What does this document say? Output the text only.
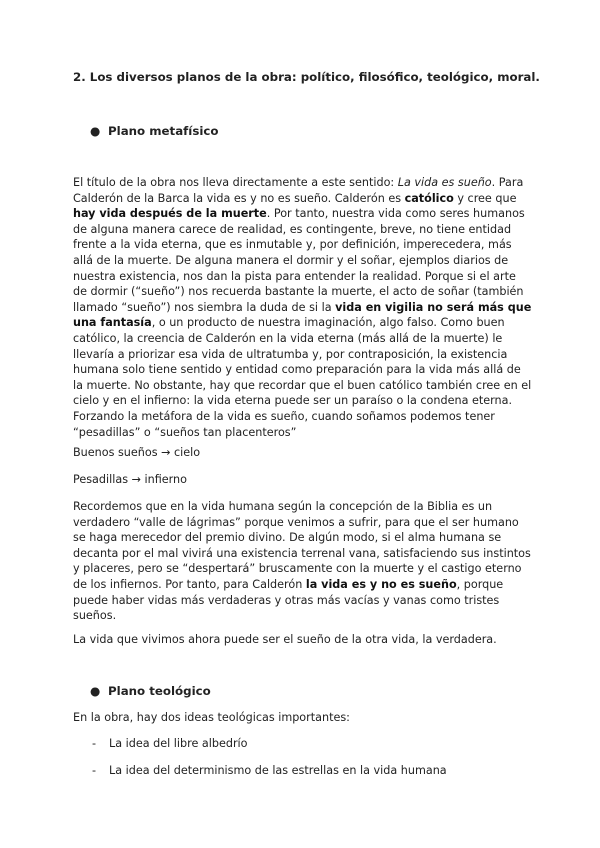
2. Los diversos planos de la obra: político, filosófico, teológico, moral.

● Plano metafísico

El título de la obra nos lleva directamente a este sentido: La vida es sueño. Para Calderón de la Barca la vida es y no es sueño. Calderón es católico y cree que hay vida después de la muerte. Por tanto, nuestra vida como seres humanos de alguna manera carece de realidad, es contingente, breve, no tiene entidad frente a la vida eterna, que es inmutable y, por definición, imperecedera, más allá de la muerte. De alguna manera el dormir y el soñar, ejemplos diarios de nuestra existencia, nos dan la pista para entender la realidad. Porque si el arte de dormir (“sueño”) nos recuerda bastante la muerte, el acto de soñar (también llamado “sueño”) nos siembra la duda de si la vida en vigilia no será más que una fantasía, o un producto de nuestra imaginación, algo falso. Como buen católico, la creencia de Calderón en la vida eterna (más allá de la muerte) le llevaría a priorizar esa vida de ultratumba y, por contraposición, la existencia humana solo tiene sentido y entidad como preparación para la vida más allá de la muerte. No obstante, hay que recordar que el buen católico también cree en el cielo y en el infierno: la vida eterna puede ser un paraíso o la condena eterna. Forzando la metáfora de la vida es sueño, cuando soñamos podemos tener “pesadillas” o “sueños tan placenteros”

Buenos sueños → cielo

Pesadillas → infierno

Recordemos que en la vida humana según la concepción de la Biblia es un verdadero “valle de lágrimas” porque venimos a sufrir, para que el ser humano se haga merecedor del premio divino. De algún modo, si el alma humana se decanta por el mal vivirá una existencia terrenal vana, satisfaciendo sus instintos y placeres, pero se “despertará” bruscamente con la muerte y el castigo eterno de los infiernos. Por tanto, para Calderón la vida es y no es sueño, porque puede haber vidas más verdaderas y otras más vacías y vanas como tristes sueños.

La vida que vivimos ahora puede ser el sueño de la otra vida, la verdadera.

● Plano teológico

En la obra, hay dos ideas teológicas importantes:

- La idea del libre albedrío

- La idea del determinismo de las estrellas en la vida humana
